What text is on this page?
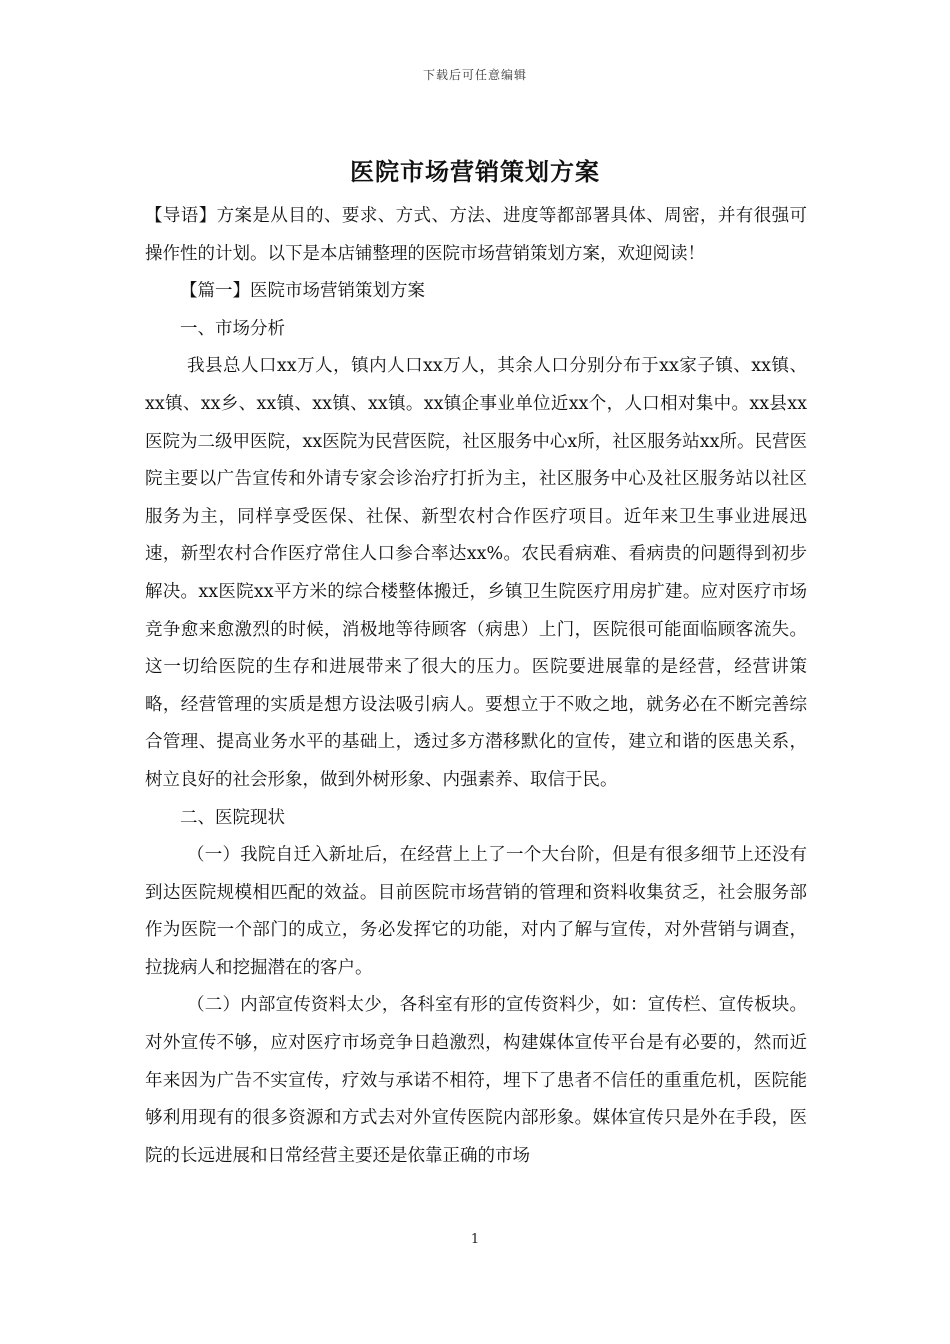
下载后可任意编辑
医院市场营销策划方案

【导语】方案是从目的、要求、方式、方法、进度等都部署具体、周密，并有很强可操作性的计划。以下是本店铺整理的医院市场营销策划方案，欢迎阅读！

【篇一】医院市场营销策划方案

一、市场分析

我县总人口xx万人，镇内人口xx万人，其余人口分别分布于xx家子镇、xx镇、xx镇、xx乡、xx镇、xx镇、xx镇。xx镇企事业单位近xx个，人口相对集中。xx县xx医院为二级甲医院，xx医院为民营医院，社区服务中心x所，社区服务站xx所。民营医院主要以广告宣传和外请专家会诊治疗打折为主，社区服务中心及社区服务站以社区服务为主，同样享受医保、社保、新型农村合作医疗项目。近年来卫生事业进展迅速，新型农村合作医疗常住人口参合率达xx%。农民看病难、看病贵的问题得到初步解决。xx医院xx平方米的综合楼整体搬迁，乡镇卫生院医疗用房扩建。应对医疗市场竞争愈来愈激烈的时候，消极地等待顾客（病患）上门，医院很可能面临顾客流失。这一切给医院的生存和进展带来了很大的压力。医院要进展靠的是经营，经营讲策略，经营管理的实质是想方设法吸引病人。要想立于不败之地，就务必在不断完善综合管理、提高业务水平的基础上，透过多方潜移默化的宣传，建立和谐的医患关系，树立良好的社会形象，做到外树形象、内强素养、取信于民。

二、医院现状

（一）我院自迁入新址后，在经营上上了一个大台阶，但是有很多细节上还没有到达医院规模相匹配的效益。目前医院市场营销的管理和资料收集贫乏，社会服务部作为医院一个部门的成立，务必发挥它的功能，对内了解与宣传，对外营销与调查，拉拢病人和挖掘潜在的客户。

（二）内部宣传资料太少，各科室有形的宣传资料少，如：宣传栏、宣传板块。对外宣传不够，应对医疗市场竞争日趋激烈，构建媒体宣传平台是有必要的，然而近年来因为广告不实宣传，疗效与承诺不相符，埋下了患者不信任的重重危机，医院能够利用现有的很多资源和方式去对外宣传医院内部形象。媒体宣传只是外在手段，医院的长远进展和日常经营主要还是依靠正确的市场

1
